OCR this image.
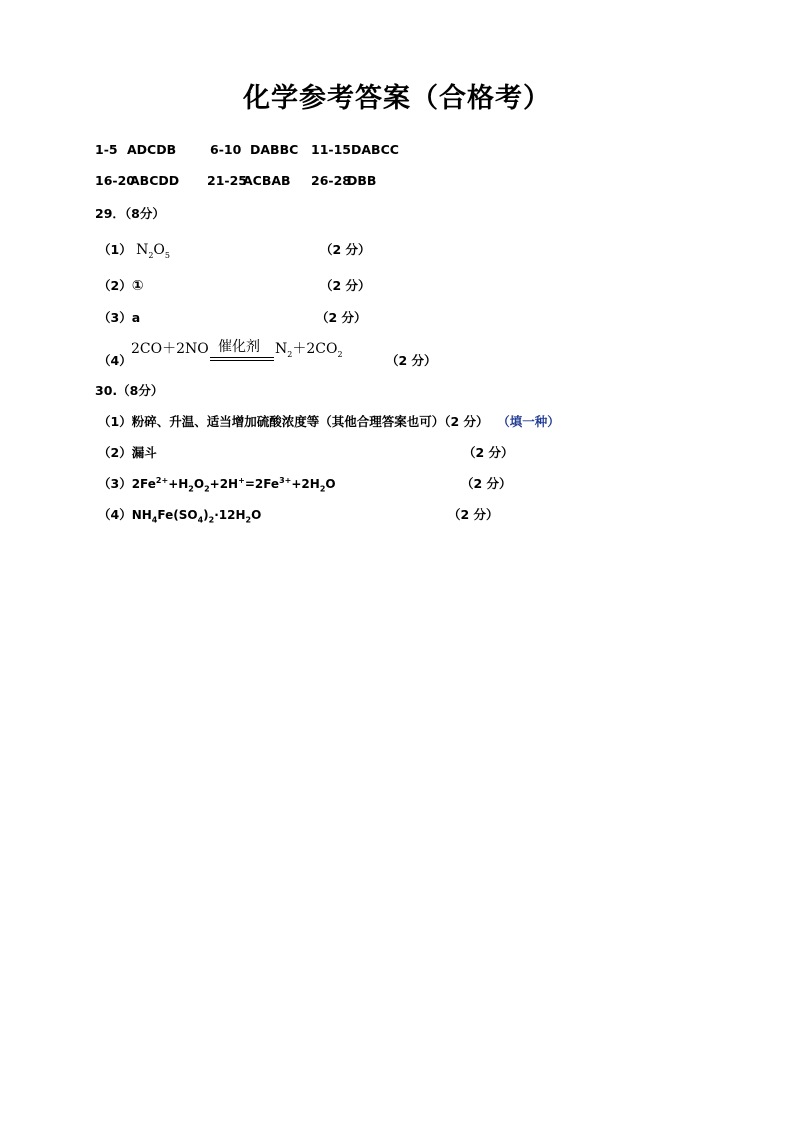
化学参考答案（合格考）
1-5 ADCDB	6-10 DABBC 11-15 DABCC
16-20
ABCDD 21-25
ACBAB 26-28
DBB
29．（8分）
（1） $N_2O_5$	（2 分）
（2）①	（2 分）
（3）a	（2 分）
（4）
2CO＋2NO 催化剂 $N_2+2CO_2$	（2 分）
30.（8分）
（1）粉碎、升温、适当增加硫酸浓度等（其他合理答案也可）（2 分） （填一种）
（2）漏斗	（2 分）
$(3)2Fe^{2+}+H_2O_2+2H^+=2Fe^{3+}+2H_2O$	（2 分）
$(4)NH_4Fe(SO_4)_2\cdot 12H_2O$	（2 分）
